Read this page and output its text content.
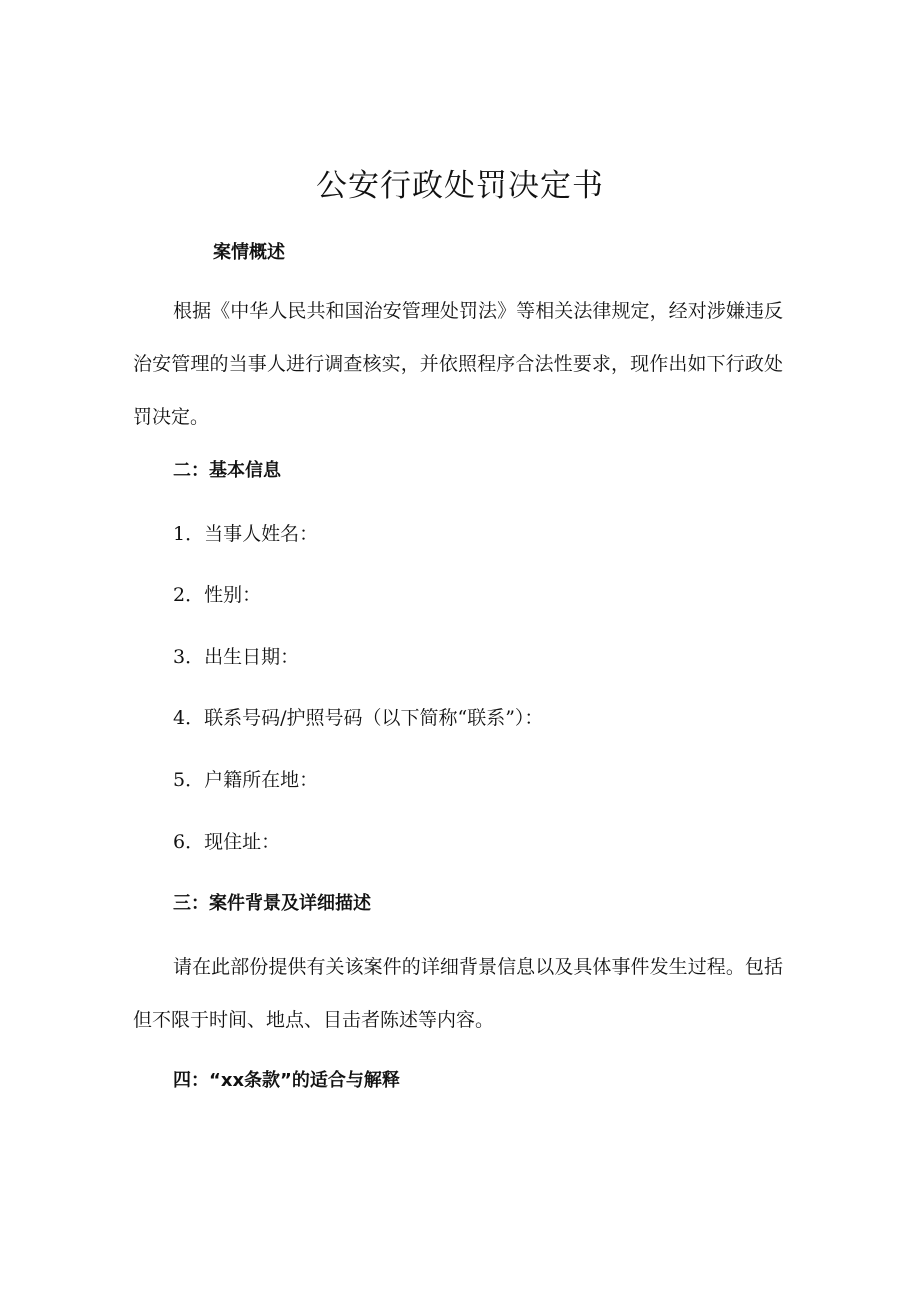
公安行政处罚决定书
案情概述

根据《中华人民共和国治安管理处罚法》等相关法律规定，经对涉嫌违反治安管理的当事人进行调查核实，并依照程序合法性要求，现作出如下行政处罚决定。

二：基本信息
1．当事人姓名：
2．性别：
3．出生日期：
4．联系号码/护照号码（以下简称“联系”）：
5．户籍所在地：
6．现住址：
三：案件背景及详细描述

请在此部份提供有关该案件的详细背景信息以及具体事件发生过程。包括但不限于时间、地点、目击者陈述等内容。

四：“xx条款”的适合与解释
